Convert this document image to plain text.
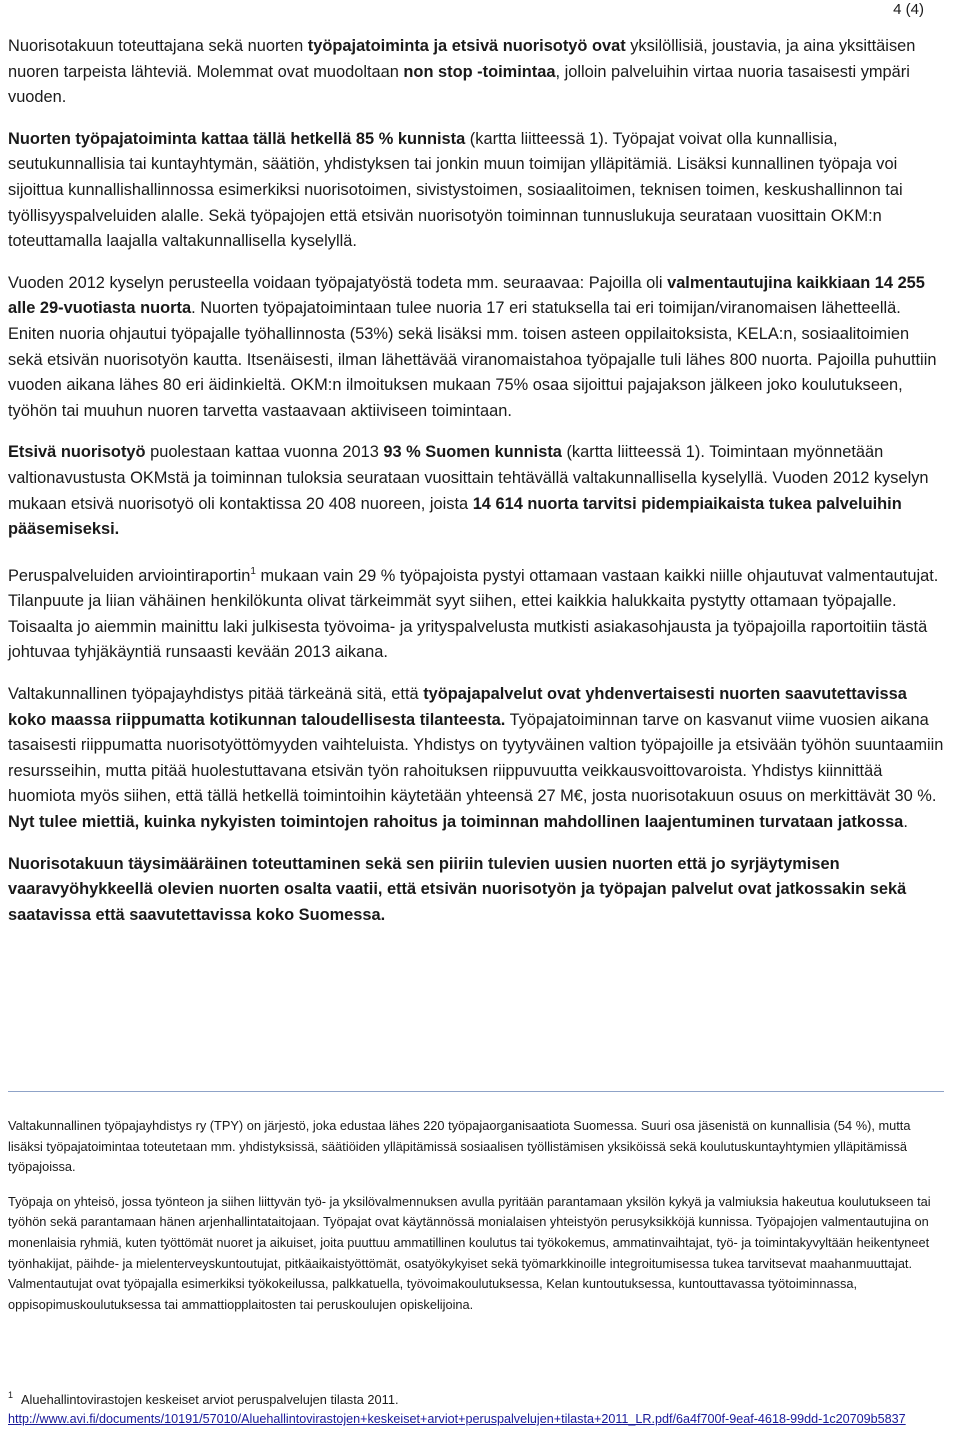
4 (4)

Nuorisotakuun toteuttajana sekä nuorten työpajatoiminta ja etsivä nuorisotyö ovat yksilöllisiä, joustavia, ja aina yksittäisen nuoren tarpeista lähteviä. Molemmat ovat muodoltaan non stop -toimintaa, jolloin palveluihin virtaa nuoria tasaisesti ympäri vuoden.

Nuorten työpajatoiminta kattaa tällä hetkellä 85 % kunnista (kartta liitteessä 1). Työpajat voivat olla kunnallisia, seutukunnallisia tai kuntayhtymän, säätiön, yhdistyksen tai jonkin muun toimijan ylläpitämiä. Lisäksi kunnallinen työpaja voi sijoittua kunnallishallinnossa esimerkiksi nuorisotoimen, sivistystoimen, sosiaalitoimen, teknisen toimen, keskushallinnon tai työllisyyspalveluiden alalle. Sekä työpajojen että etsivän nuorisotyön toiminnan tunnuslukuja seurataan vuosittain OKM:n toteuttamalla laajalla valtakunnallisella kyselyllä.

Vuoden 2012 kyselyn perusteella voidaan työpajatyöstä todeta mm. seuraavaa: Pajoilla oli valmentautujina kaikkiaan 14 255 alle 29-vuotiasta nuorta. Nuorten työpajatoimintaan tulee nuoria 17 eri statuksella tai eri toimijan/viranomaisen lähetteellä. Eniten nuoria ohjautui työpajalle työhallinnosta (53%) sekä lisäksi mm. toisen asteen oppilaitoksista, KELA:n, sosiaalitoimien sekä etsivän nuorisotyön kautta. Itsenäisesti, ilman lähettävää viranomaistahoa työpajalle tuli lähes 800 nuorta. Pajoilla puhuttiin vuoden aikana lähes 80 eri äidinkieltä. OKM:n ilmoituksen mukaan 75% osaa sijoittui pajajakson jälkeen joko koulutukseen, työhön tai muuhun nuoren tarvetta vastaavaan aktiiviseen toimintaan.

Etsivä nuorisotyö puolestaan kattaa vuonna 2013 93 % Suomen kunnista (kartta liitteessä 1). Toimintaan myönnetään valtionavustusta OKMstä ja toiminnan tuloksia seurataan vuosittain tehtävällä valtakunnallisella kyselyllä. Vuoden 2012 kyselyn mukaan etsivä nuorisotyö oli kontaktissa 20 408 nuoreen, joista 14 614 nuorta tarvitsi pidempiaikaista tukea palveluihin pääsemiseksi.

Peruspalveluiden arviointiraportin$^1$ mukaan vain 29 % työpajoista pystyi ottamaan vastaan kaikki niille ohjautuvat valmentautujat. Tilanpuute ja liian vähäinen henkilökunta olivat tärkeimmät syyt siihen, ettei kaikkia halukkaita pystytty ottamaan työpajalle. Toisaalta jo aiemmin mainittu laki julkisesta työvoima- ja yrityspalvelusta mutkisti asiakasohjausta ja työpajoilla raportoitiin tästä johtuvaa tyhjäkäyntiä runsaasti kevään 2013 aikana.

Valtakunnallinen työpajayhdistys pitää tärkeänä sitä, että työpajapalvelut ovat yhdenvertaisesti nuorten saavutettavissa koko maassa riippumatta kotikunnan taloudellisesta tilanteesta. Työpajatoiminnan tarve on kasvanut viime vuosien aikana tasaisesti riippumatta nuorisotyöttömyyden vaihteluista. Yhdistys on tyytyväinen valtion työpajoille ja etsivään työhön suuntaamiin resursseihin, mutta pitää huolestuttavana etsivän työn rahoituksen riippuvuutta veikkausvoittovaroista. Yhdistys kiinnittää huomiota myös siihen, että tällä hetkellä toimintoihin käytetään yhteensä 27 M€, josta nuorisotakuun osuus on merkittävät 30 %. Nyt tulee miettiä, kuinka nykyisten toimintojen rahoitus ja toiminnan mahdollinen laajentuminen turvataan jatkossa.

Nuorisotakuun täysimääräinen toteuttaminen sekä sen piiriin tulevien uusien nuorten että jo syrjäytymisen vaaravyöhykkeellä olevien nuorten osalta vaatii, että etsivän nuorisotyön ja työpajan palvelut ovat jatkossakin sekä saatavissa että saavutettavissa koko Suomessa.

Valtakunnallinen työpajayhdistys ry (TPY) on järjestö, joka edustaa lähes 220 työpajaorganisaatiota Suomessa. Suuri osa jäsenistä on kunnallisia (54 %), mutta lisäksi työpajatoimintaa toteutetaan mm. yhdistyksissä, säätiöiden ylläpitämissä sosiaalisen työllistämisen yksiköissä sekä koulutuskuntayhtymien ylläpitämissä työpajoissa.

Työpaja on yhteisö, jossa työnteon ja siihen liittyvän työ- ja yksilövalmennuksen avulla pyritään parantamaan yksilön kykyä ja valmiuksia hakeutua koulutukseen tai työhön sekä parantamaan hänen arjenhallintataitojaan. Työpajat ovat käytännössä monialaisen yhteistyön perusyksikköjä kunnissa. Työpajojen valmentautujina on monenlaisia ryhmiä, kuten työttömät nuoret ja aikuiset, joita puuttuu ammatillinen koulutus tai työkokemus, ammatinvaihtajat, työ- ja toimintakyvyltään heikentyneet työnhakijat, päihde- ja mielenterveyskuntoutujat, pitkäaikaistyöttömät, osatyökykyiset sekä työmarkkinoille integroitumisessa tukea tarvitsevat maahanmuuttajat. Valmentautujat ovat työpajalla esimerkiksi työkokeilussa, palkkatuella, työvoimakoulutuksessa, Kelan kuntoutuksessa, kuntouttavassa työtoiminnassa, oppisopimuskoulutuksessa tai ammattiopplaitosten tai peruskoulujen opiskelijoina.

$^1$ Aluehallintovirastojen keskeiset arviot peruspalvelujen tilasta 2011.
http://www.avi.fi/documents/10191/57010/Aluehallintovirastojen+keskeiset+arviot+peruspalvelujen+tilasta+2011_LR.pdf/6a4f700f-9eaf-4618-99dd-1c20709b5837
